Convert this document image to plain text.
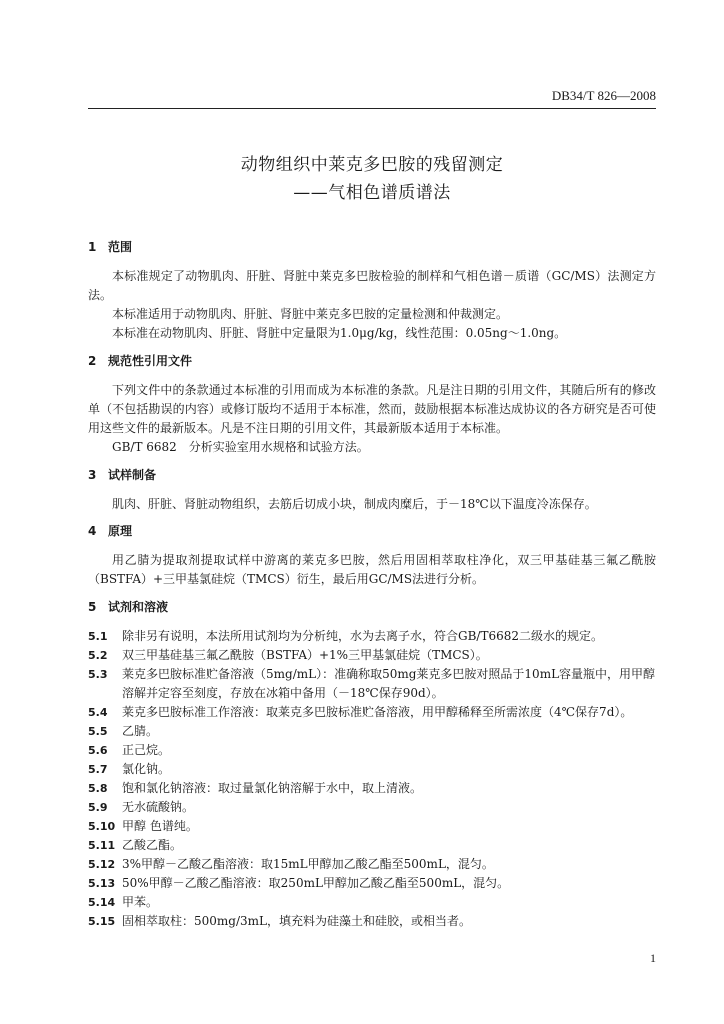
DB34/T 826—2008
动物组织中莱克多巴胺的残留测定
——气相色谱质谱法
1 范围
本标准规定了动物肌肉、肝脏、肾脏中莱克多巴胺检验的制样和气相色谱－质谱（GC/MS）法测定方法。
本标准适用于动物肌肉、肝脏、肾脏中莱克多巴胺的定量检测和仲裁测定。
本标准在动物肌肉、肝脏、肾脏中定量限为1.0μg/kg，线性范围：0.05ng～1.0ng。
2 规范性引用文件
下列文件中的条款通过本标准的引用而成为本标准的条款。凡是注日期的引用文件，其随后所有的修改单（不包括勘误的内容）或修订版均不适用于本标准，然而，鼓励根据本标准达成协议的各方研究是否可使用这些文件的最新版本。凡是不注日期的引用文件，其最新版本适用于本标准。
GB/T 6682　分析实验室用水规格和试验方法。
3 试样制备
肌肉、肝脏、肾脏动物组织，去筋后切成小块，制成肉糜后，于－18℃以下温度冷冻保存。
4 原理
用乙腈为提取剂提取试样中游离的莱克多巴胺，然后用固相萃取柱净化，双三甲基硅基三氟乙酰胺（BSTFA）+三甲基氯硅烷（TMCS）衍生，最后用GC/MS法进行分析。
5 试剂和溶液
5.1	除非另有说明，本法所用试剂均为分析纯，水为去离子水，符合GB/T6682二级水的规定。
5.2	双三甲基硅基三氟乙酰胺（BSTFA）+1%三甲基氯硅烷（TMCS）。
5.3	莱克多巴胺标准贮备溶液（5mg/mL）：准确称取50mg莱克多巴胺对照品于10mL容量瓶中，用甲醇溶解并定容至刻度，存放在冰箱中备用（－18℃保存90d）。
5.4	莱克多巴胺标准工作溶液：取莱克多巴胺标准贮备溶液，用甲醇稀释至所需浓度（4℃保存7d）。
5.5	乙腈。
5.6	正己烷。
5.7	氯化钠。
5.8	饱和氯化钠溶液：取过量氯化钠溶解于水中，取上清液。
5.9	无水硫酸钠。
5.10 甲醇 色谱纯。
5.11 乙酸乙酯。
5.12 3%甲醇－乙酸乙酯溶液：取15mL甲醇加乙酸乙酯至500mL，混匀。
5.13 50%甲醇－乙酸乙酯溶液：取250mL甲醇加乙酸乙酯至500mL，混匀。
5.14 甲苯。
5.15 固相萃取柱：500mg/3mL，填充料为硅藻土和硅胶，或相当者。
1
